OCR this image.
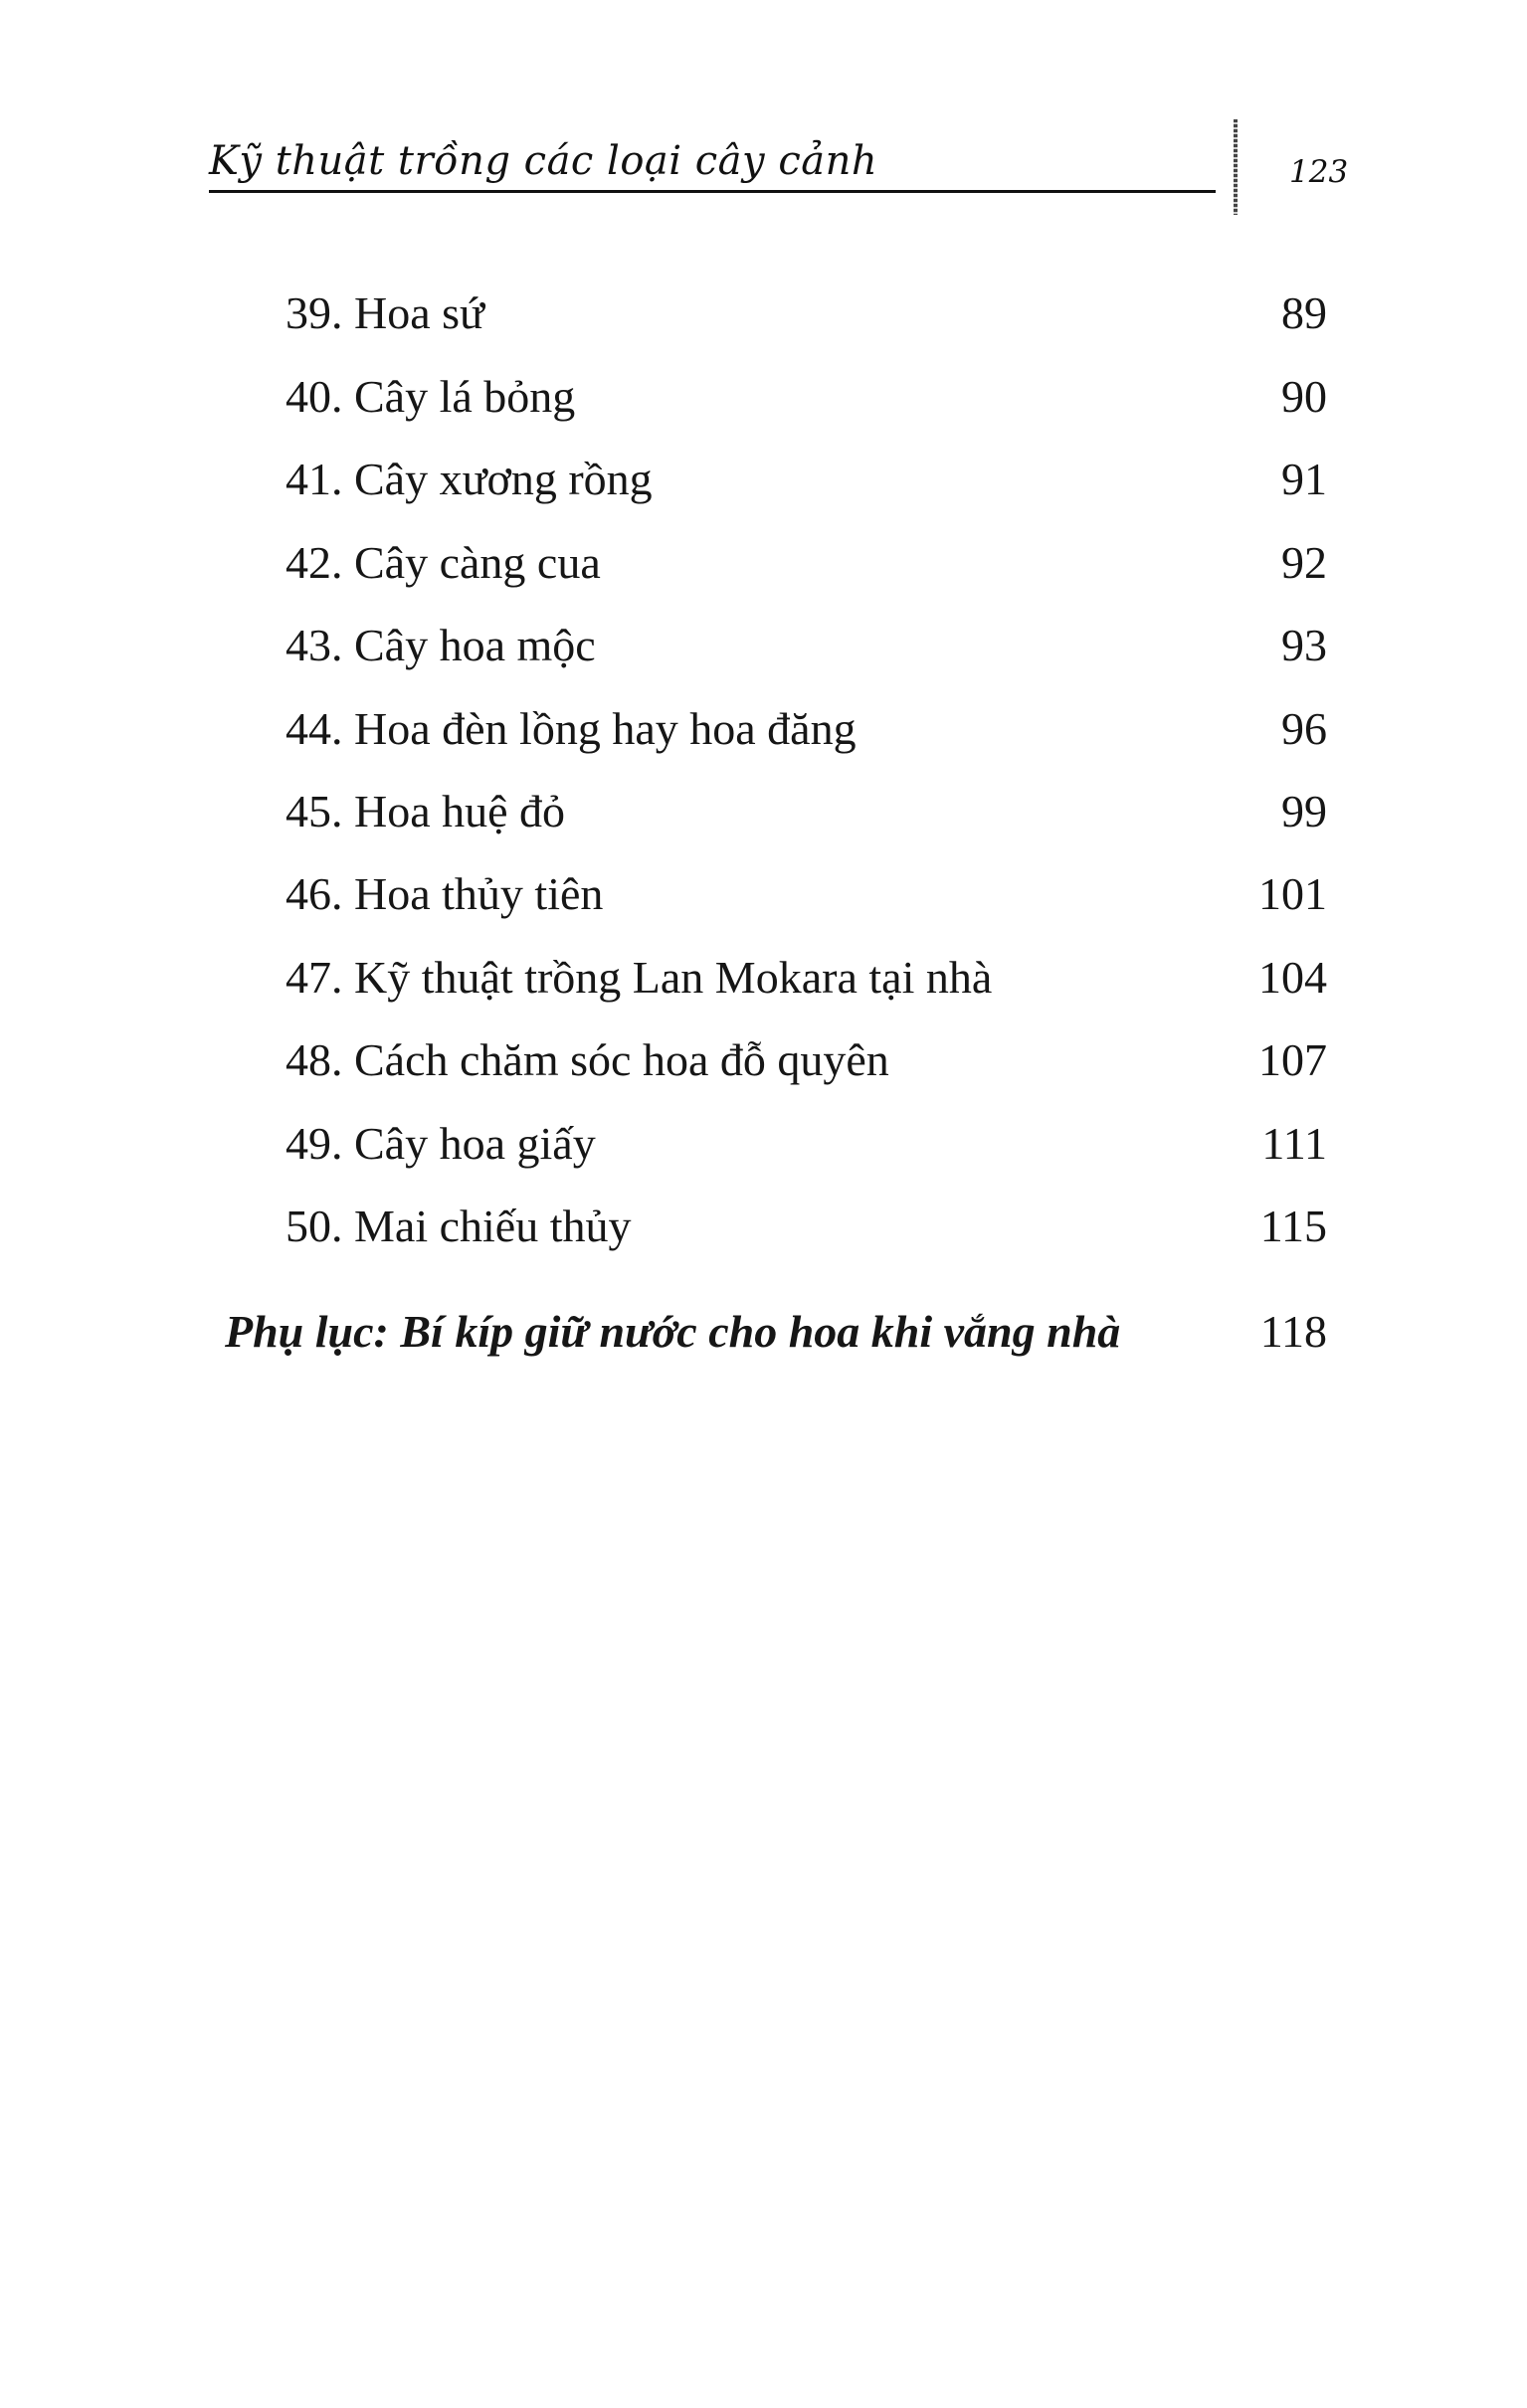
Kỹ thuật trồng các loại cây cảnh	123
39. Hoa sứ	89
40. Cây lá bỏng	90
41. Cây xương rồng	91
42. Cây càng cua	92
43. Cây hoa mộc	93
44. Hoa đèn lồng hay hoa đăng	96
45. Hoa huệ đỏ	99
46. Hoa thủy tiên	101
47. Kỹ thuật trồng Lan Mokara tại nhà	104
48. Cách chăm sóc hoa đỗ quyên	107
49. Cây hoa giấy	111
50. Mai chiếu thủy	115
Phụ lục: Bí kíp giữ nước cho hoa khi vắng nhà	118
